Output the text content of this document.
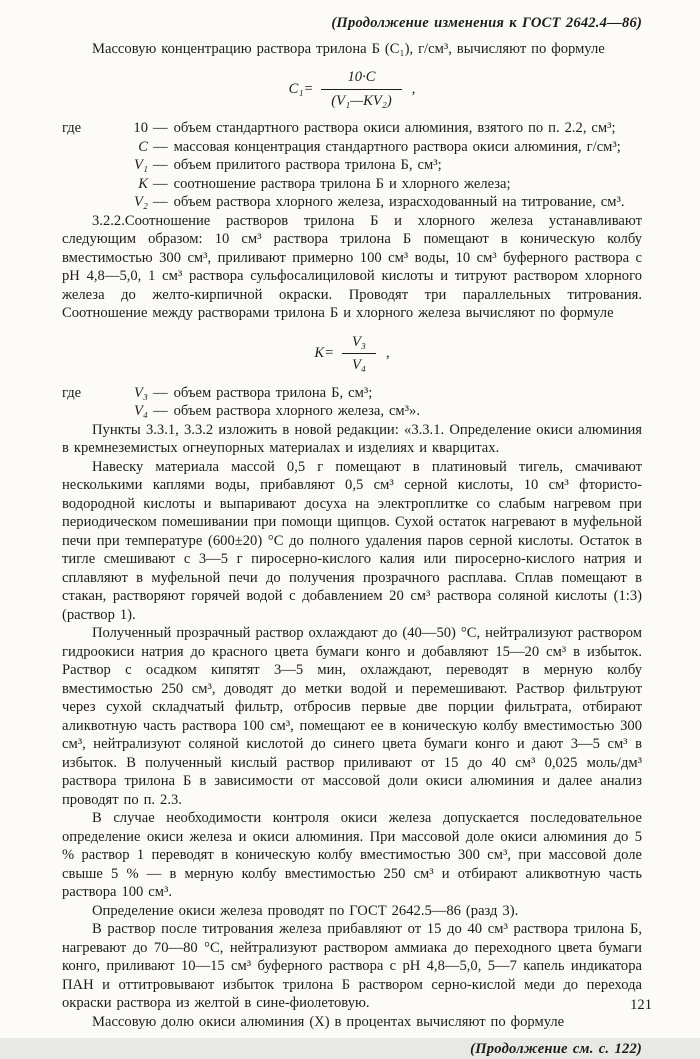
(Продолжение изменения к ГОСТ 2642.4—86)

Массовую концентрацию раствора трилона Б (C₁), г/см³, вычисляют по формуле

$C_1= \frac{10\cdot C}{\text{(V₁—KV₂)}}$ ,
где	10 — объем стандартного раствора окиси алюминия, взятого по п. 2.2, см³;
C — массовая концентрация стандартного раствора окиси алюминия, г/см³;
V₁ — объем прилитого раствора трилона Б, см³;
K — соотношение раствора трилона Б и хлорного железа;
V₂ — объем раствора хлорного железа, израсходованный на титрование, см³.

3.2.2.Соотношение растворов трилона Б и хлорного железа устанавливают следующим образом: 10 см³ раствора трилона Б помещают в коническую колбу вместимостью 300 см³, приливают примерно 100 см³ воды, 10 см³ буферного раствора с pH 4,8—5,0, 1 см³ раствора сульфосалициловой кислоты и титруют раствором хлорного железа до желто-кирпичной окраски. Проводят три параллельных титрования. Соотношение между растворами трилона Б и хлорного железа вычисляют по формуле

$K= \frac{\text{V₃}}{\text{V₄}}$ ,
где	V₃ — объем раствора трилона Б, см³;
V₄ — объем раствора хлорного железа, см³».

Пункты 3.3.1, 3.3.2 изложить в новой редакции: «3.3.1. Определение окиси алюминия в кремнеземистых огнеупорных материалах и изделиях и кварцитах.

Навеску материала массой 0,5 г помещают в платиновый тигель, смачивают несколькими каплями воды, прибавляют 0,5 см³ серной кислоты, 10 см³ фтористо-водородной кислоты и выпаривают досуха на электроплитке со слабым нагревом при периодическом помешивании при помощи щипцов. Сухой остаток нагревают в муфельной печи при температуре (600±20) °С до полного удаления паров серной кислоты. Остаток в тигле смешивают с 3—5 г пиросерно-кислого калия или пиросерно-кислого натрия и сплавляют в муфельной печи до получения прозрачного расплава. Сплав помещают в стакан, растворяют горячей водой с добавлением 20 см³ раствора соляной кислоты (1:3) (раствор 1).

Полученный прозрачный раствор охлаждают до (40—50) °С, нейтрализуют раствором гидроокиси натрия до красного цвета бумаги конго и добавляют 15—20 см³ в избыток. Раствор с осадком кипятят 3—5 мин, охлаждают, переводят в мерную колбу вместимостью 250 см³, доводят до метки водой и перемешивают. Раствор фильтруют через сухой складчатый фильтр, отбросив первые две порции фильтрата, отбирают аликвотную часть раствора 100 см³, помещают ее в коническую колбу вместимостью 300 см³, нейтрализуют соляной кислотой до синего цвета бумаги конго и дают 3—5 см³ в избыток. В полученный кислый раствор приливают от 15 до 40 см³ 0,025 моль/дм³ раствора трилона Б в зависимости от массовой доли окиси алюминия и далее анализ проводят по п. 2.3.

В случае необходимости контроля окиси железа допускается последовательное определение окиси железа и окиси алюминия. При массовой доле окиси алюминия до 5 % раствор 1 переводят в коническую колбу вместимостью 300 см³, при массовой доле свыше 5 % — в мерную колбу вместимостью 250 см³ и отбирают аликвотную часть раствора 100 см³.

Определение окиси железа проводят по ГОСТ 2642.5—86 (разд 3).

В раствор после титрования железа прибавляют от 15 до 40 см³ раствора трилона Б, нагревают до 70—80 °С, нейтрализуют раствором аммиака до переходного цвета бумаги конго, приливают 10—15 см³ буферного раствора с pH 4,8—5,0, 5—7 капель индикатора ПАН и оттитровывают избыток трилона Б раствором серно-кислой меди до перехода окраски раствора из желтой в сине-фиолетовую.

Массовую долю окиси алюминия (X) в процентах вычисляют по формуле

(Продолжение см. с. 122)
121
